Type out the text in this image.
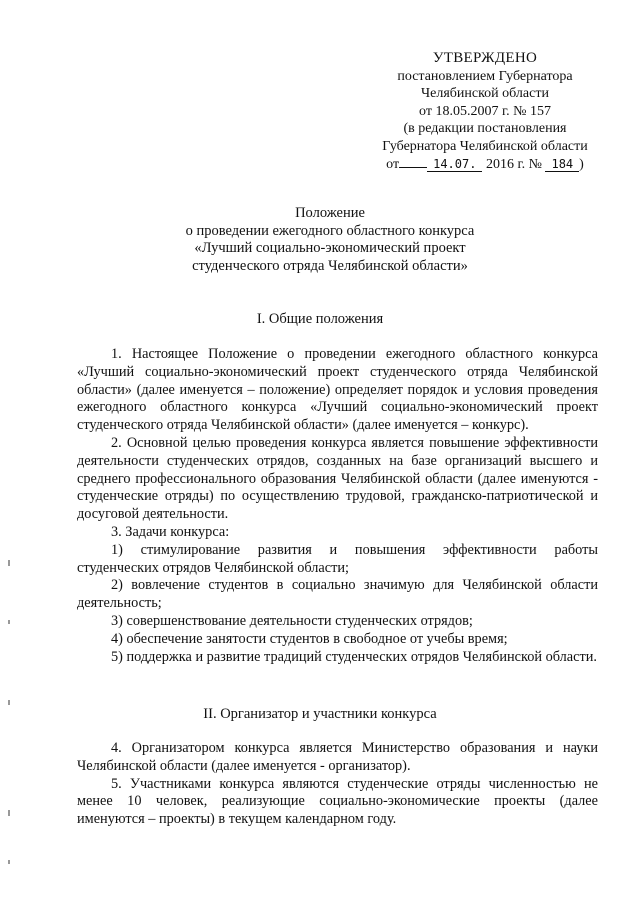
УТВЕРЖДЕНО
постановлением Губернатора
Челябинской области
от 18.05.2007 г. № 157
(в редакции постановления
Губернатора Челябинской области
от	14.07. 2016 г. № 184 )
Положение
о проведении ежегодного областного конкурса
«Лучший социально-экономический проект
студенческого отряда Челябинской области»
I. Общие положения

1. Настоящее Положение о проведении ежегодного областного конкурса «Лучший социально-экономический проект студенческого отряда Челябинской области» (далее именуется – положение) определяет порядок и условия проведения ежегодного областного конкурса «Лучший социально-экономический проект студенческого отряда Челябинской области» (далее именуется – конкурс).

2. Основной целью проведения конкурса является повышение эффективности деятельности студенческих отрядов, созданных на базе организаций высшего и среднего профессионального образования Челябинской области (далее именуются - студенческие отряды) по осуществлению трудовой, гражданско-патриотической и досуговой деятельности.

3. Задачи конкурса:

1) стимулирование развития и повышения эффективности работы студенческих отрядов Челябинской области;

2) вовлечение студентов в социально значимую для Челябинской области деятельность;

3) совершенствование деятельности студенческих отрядов;

4) обеспечение занятости студентов в свободное от учебы время;

5) поддержка и развитие традиций студенческих отрядов Челябинской области.

II. Организатор и участники конкурса

4. Организатором конкурса является Министерство образования и науки Челябинской области (далее именуется - организатор).

5. Участниками конкурса являются студенческие отряды численностью не менее 10 человек, реализующие социально-экономические проекты (далее именуются – проекты) в текущем календарном году.
